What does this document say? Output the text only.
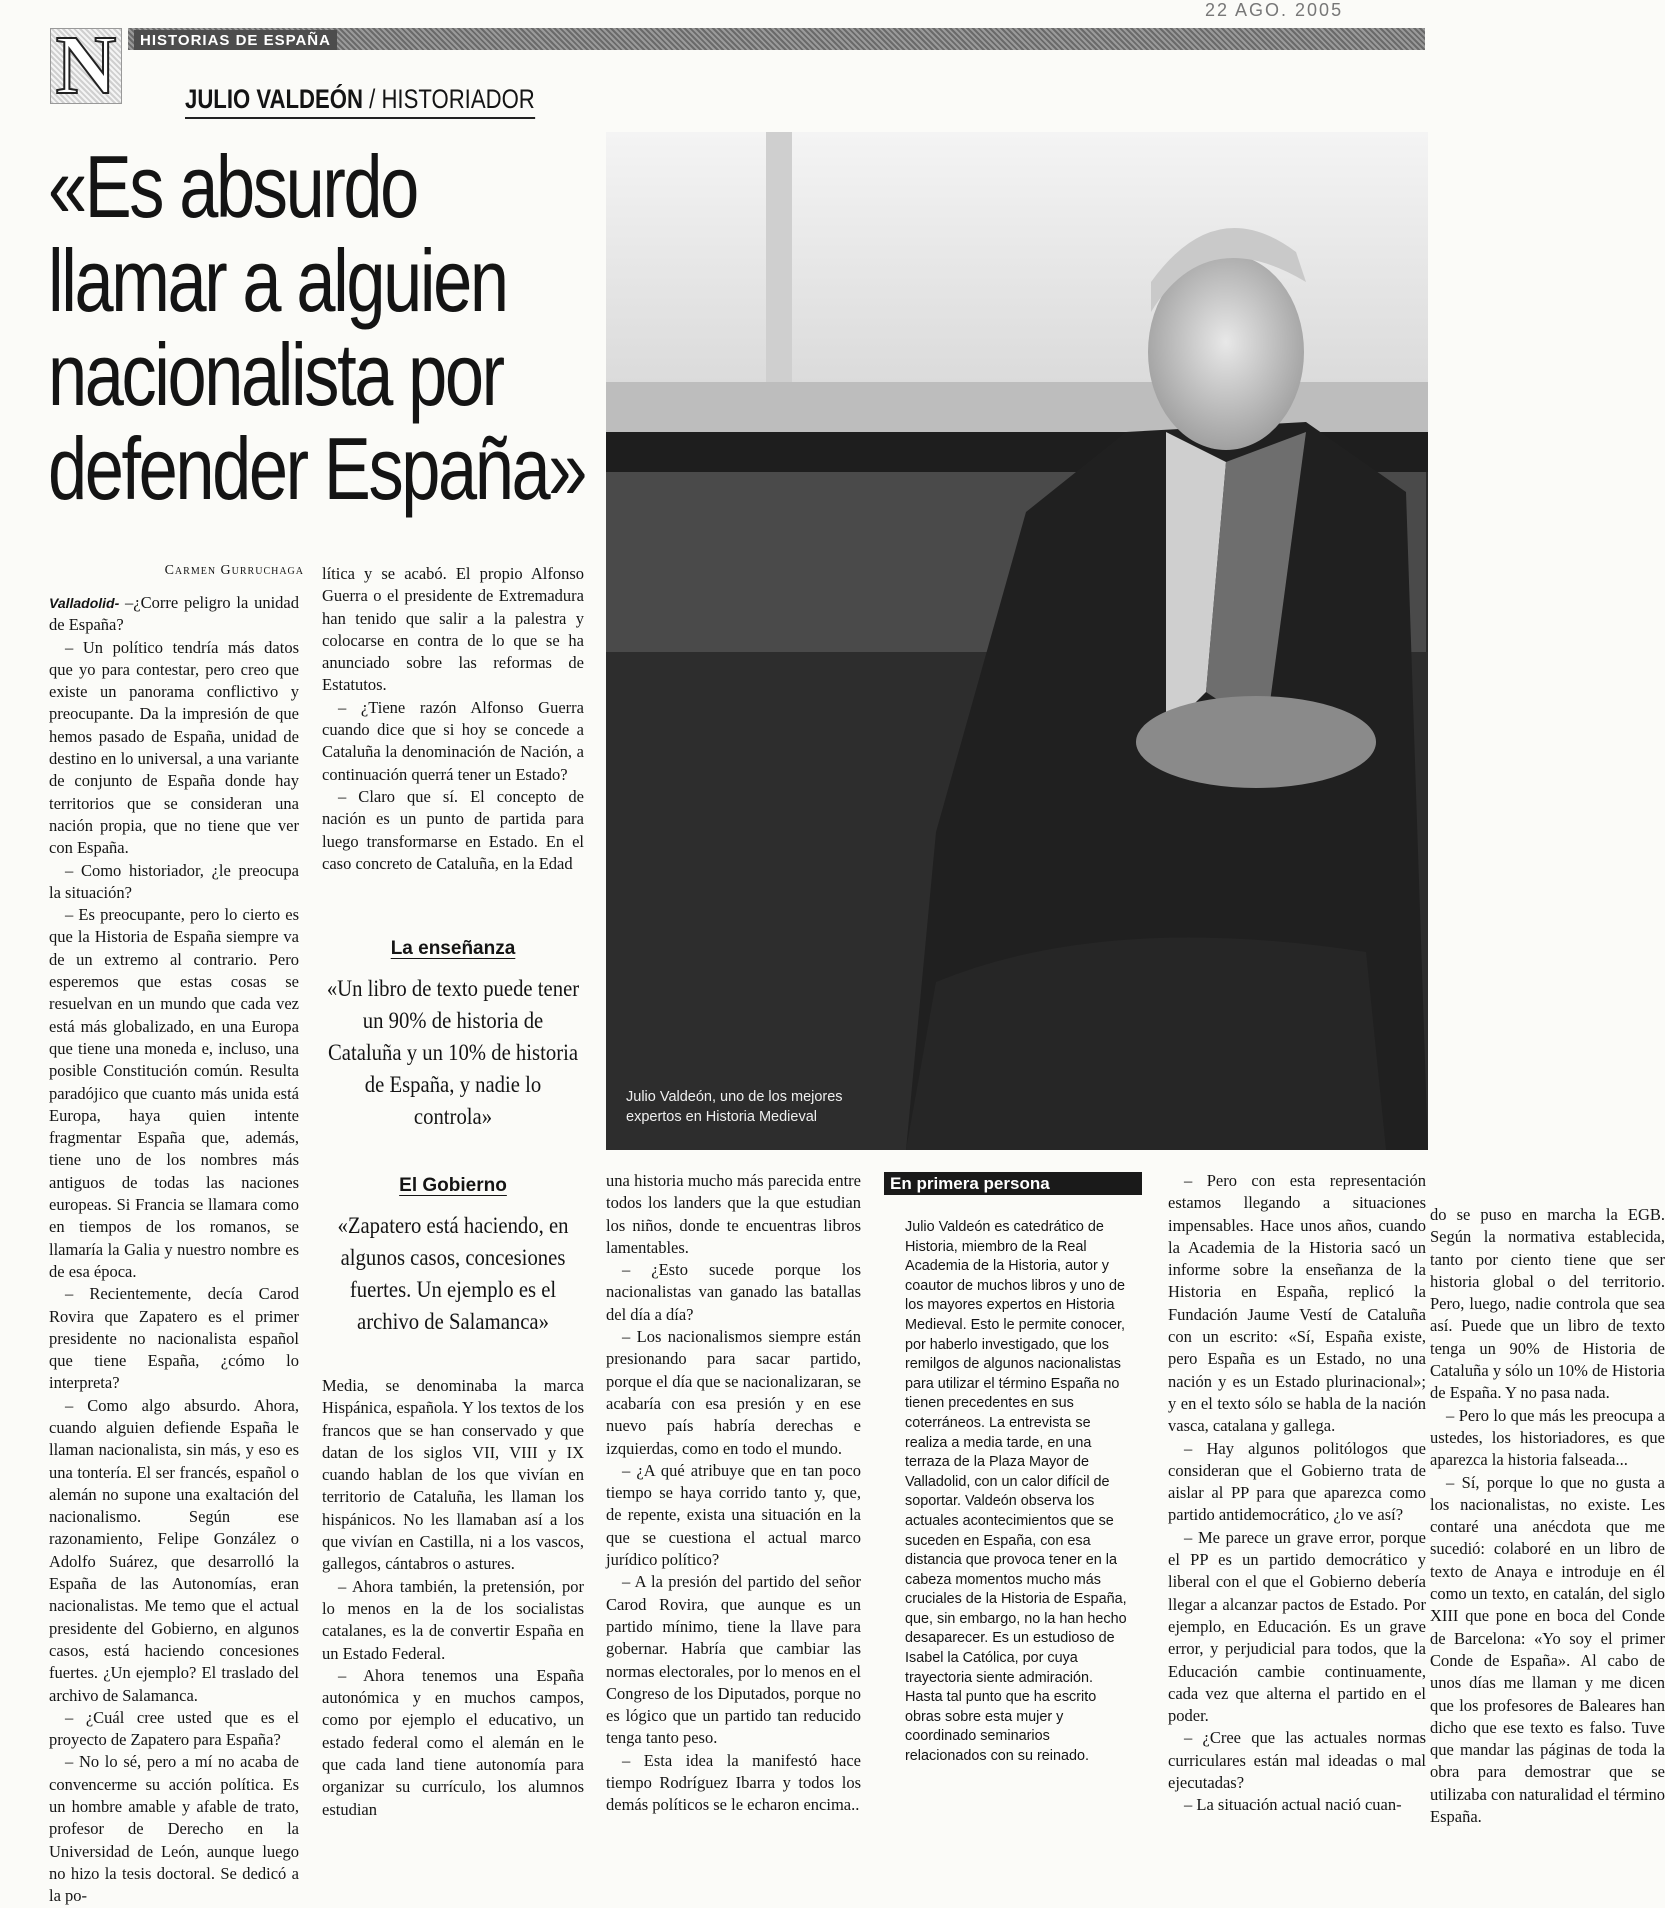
22 AGO. 2005
HISTORIAS DE ESPAÑA
N	JULIO VALDEÓN / HISTORIADOR
«Es absurdo
llamar a alguien
nacionalista por
defender España»
Carmen Gurruchaga

Valladolid- –¿Corre peligro la unidad de España?

– Un político tendría más datos que yo para contestar, pero creo que existe un panorama conflictivo y preocupante. Da la impresión de que hemos pasado de España, unidad de destino en lo universal, a una variante de conjunto de España donde hay territorios que se consideran una nación propia, que no tiene que ver con España.

– Como historiador, ¿le preocupa la situación?

– Es preocupante, pero lo cierto es que la Historia de España siempre va de un extremo al contrario. Pero esperemos que estas cosas se resuelvan en un mundo que cada vez está más globalizado, en una Europa que tiene una moneda e, incluso, una posible Constitución común. Resulta paradójico que cuanto más unida está Europa, haya quien intente fragmentar España que, además, tiene uno de los nombres más antiguos de todas las naciones europeas. Si Francia se llamara como en tiempos de los romanos, se llamaría la Galia y nuestro nombre es de esa época.

– Recientemente, decía Carod Rovira que Zapatero es el primer presidente no nacionalista español que tiene España, ¿cómo lo interpreta?

– Como algo absurdo. Ahora, cuando alguien defiende España le llaman nacionalista, sin más, y eso es una tontería. El ser francés, español o alemán no supone una exaltación del nacionalismo. Según ese razonamiento, Felipe González o Adolfo Suárez, que desarrolló la España de las Autonomías, eran nacionalistas. Me temo que el actual presidente del Gobierno, en algunos casos, está haciendo concesiones fuertes. ¿Un ejemplo? El traslado del archivo de Salamanca.

– ¿Cuál cree usted que es el proyecto de Zapatero para España?

– No lo sé, pero a mí no acaba de convencerme su acción política. Es un hombre amable y afable de trato, profesor de Derecho en la Universidad de León, aunque luego no hizo la tesis doctoral. Se dedicó a la po-

lítica y se acabó. El propio Alfonso Guerra o el presidente de Extremadura han tenido que salir a la palestra y colocarse en contra de lo que se ha anunciado sobre las reformas de Estatutos.

– ¿Tiene razón Alfonso Guerra cuando dice que si hoy se concede a Cataluña la denominación de Nación, a continuación querrá tener un Estado?

– Claro que sí. El concepto de nación es un punto de partida para luego transformarse en Estado. En el caso concreto de Cataluña, en la Edad

La enseñanza
«Un libro de texto puede tener un 90% de historia de Cataluña y un 10% de historia de España, y nadie lo controla»
El Gobierno
«Zapatero está haciendo, en algunos casos, concesiones fuertes. Un ejemplo es el archivo de Salamanca»

Media, se denominaba la marca Hispánica, española. Y los textos de los francos que se han conservado y que datan de los siglos VII, VIII y IX cuando hablan de los que vivían en territorio de Cataluña, les llaman los hispánicos. No les llamaban así a los que vivían en Castilla, ni a los vascos, gallegos, cántabros o astures.

– Ahora también, la pretensión, por lo menos en la de los socialistas catalanes, es la de convertir España en un Estado Federal.

– Ahora tenemos una España autonómica y en muchos campos, como por ejemplo el educativo, un estado federal como el alemán en le que cada land tiene autonomía para organizar su currículo, los alumnos estudian

Julio Valdeón, uno de los mejores
expertos en Historia Medieval

una historia mucho más parecida entre todos los landers que la que estudian los niños, donde te encuentras libros lamentables.

– ¿Esto sucede porque los nacionalistas van ganado las batallas del día a día?

– Los nacionalismos siempre están presionando para sacar partido, porque el día que se nacionalizaran, se acabaría con esa presión y en ese nuevo país habría derechas e izquierdas, como en todo el mundo.

– ¿A qué atribuye que en tan poco tiempo se haya corrido tanto y, que, de repente, exista una situación en la que se cuestiona el actual marco jurídico político?

– A la presión del partido del señor Carod Rovira, que aunque es un partido mínimo, tiene la llave para gobernar. Habría que cambiar las normas electorales, por lo menos en el Congreso de los Diputados, porque no es lógico que un partido tan reducido tenga tanto peso.

– Esta idea la manifestó hace tiempo Rodríguez Ibarra y todos los demás políticos se le echaron encima..

En primera persona
Julio Valdeón es catedrático de Historia, miembro de la Real Academia de la Historia, autor y coautor de muchos libros y uno de los mayores expertos en Historia Medieval. Esto le permite conocer, por haberlo investigado, que los remilgos de algunos nacionalistas para utilizar el término España no tienen precedentes en sus coterráneos. La entrevista se realiza a media tarde, en una terraza de la Plaza Mayor de Valladolid, con un calor difícil de soportar. Valdeón observa los actuales acontecimientos que se suceden en España, con esa distancia que provoca tener en la cabeza momentos mucho más cruciales de la Historia de España, que, sin embargo, no la han hecho desaparecer. Es un estudioso de Isabel la Católica, por cuya trayectoria siente admiración. Hasta tal punto que ha escrito obras sobre esta mujer y coordinado seminarios relacionados con su reinado.

– Pero con esta representación estamos llegando a situaciones impensables. Hace unos años, cuando la Academia de la Historia sacó un informe sobre la enseñanza de la Historia en España, replicó la Fundación Jaume Vestí de Cataluña con un escrito: «Sí, España existe, pero España es un Estado, no una nación y es un Estado plurinacional»; y en el texto sólo se habla de la nación vasca, catalana y gallega.

– Hay algunos politólogos que consideran que el Gobierno trata de aislar al PP para que aparezca como partido antidemocrático, ¿lo ve así?

– Me parece un grave error, porque el PP es un partido democrático y liberal con el que el Gobierno debería llegar a alcanzar pactos de Estado. Por ejemplo, en Educación. Es un grave error, y perjudicial para todos, que la Educación cambie continuamente, cada vez que alterna el partido en el poder.

– ¿Cree que las actuales normas curriculares están mal ideadas o mal ejecutadas?

– La situación actual nació cuan-

do se puso en marcha la EGB. Según la normativa establecida, tanto por ciento tiene que ser historia global o del territorio. Pero, luego, nadie controla que sea así. Puede que un libro de texto tenga un 90% de Historia de Cataluña y sólo un 10% de Historia de España. Y no pasa nada.

– Pero lo que más les preocupa a ustedes, los historiadores, es que aparezca la historia falseada...

– Sí, porque lo que no gusta a los nacionalistas, no existe. Les contaré una anécdota que me sucedió: colaboré en un libro de texto de Anaya e introduje en él como un texto, en catalán, del siglo XIII que pone en boca del Conde de Barcelona: «Yo soy el primer Conde de España». Al cabo de unos días me llaman y me dicen que los profesores de Baleares han dicho que ese texto es falso. Tuve que mandar las páginas de toda la obra para demostrar que se utilizaba con naturalidad el término España.
